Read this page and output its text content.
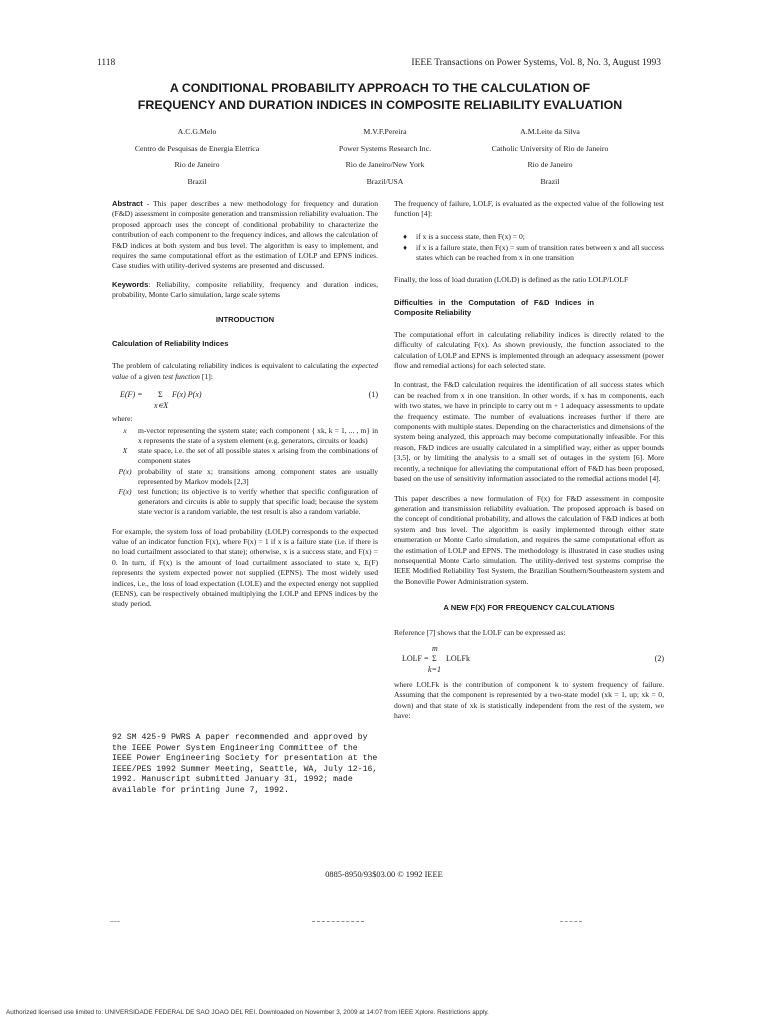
1118	IEEE Transactions on Power Systems, Vol. 8, No. 3, August 1993
A CONDITIONAL PROBABILITY APPROACH TO THE CALCULATION OF
FREQUENCY AND DURATION INDICES IN COMPOSITE RELIABILITY EVALUATION
A.C.G.Melo
Centro de Pesquisas de Energia Eletrica
Rio de Janeiro
Brazil
M.V.F.Pereira
Power Systems Research Inc.
Rio de Janeiro/New York
Brazil/USA
A.M.Leite da Silva
Catholic University of Rio de Janeiro
Rio de Janeiro
Brazil

Abstract - This paper describes a new methodology for frequency and duration (F&D) assessment in composite generation and transmission reliability evaluation. The proposed approach uses the concept of conditional probability to characterize the contribution of each component to the frequency indices, and allows the calculation of F&D indices at both system and bus level. The algorithm is easy to implement, and requires the same computational effort as the estimation of LOLP and EPNS indices. Case studies with utility-derived systems are presented and discussed.

Keywords: Reliability, composite reliability, frequency and duration indices, probability, Monte Carlo simulation, large scale sytems

INTRODUCTION
Calculation of Reliability Indices

The problem of calculating reliability indices is equivalent to calculating the expected value of a given test function [1]:

E(F) = Σ F(x) P(x)
x∊X
(1)
where:
x	m-vector representing the system state; each component { xk, k = 1, ... , m} in x represents the state of a system element (e.g. generators, circuits or loads)
X	state space, i.e. the set of all possible states x arising from the combinations of component states
P(x) probability of state x; transitions among component states are usually represented by Markov models [2,3]
F(x) test function; its objective is to verify whether that specific configuration of generators and circuits is able to supply that specific load; because the system state vector is a random variable, the test result is also a random variable.

For example, the system loss of load probability (LOLP) corresponds to the expected value of an indicator function F(x), where F(x) = 1 if x is a failure state (i.e. if there is no load curtailment associated to that state); otherwise, x is a success state, and F(x) = 0. In turn, if F(x) is the amount of load curtailment associated to state x, E(F) represents the system expected power not supplied (EPNS). The most widely used indices, i.e., the loss of load expectation (LOLE) and the expected energy not supplied (EENS), can be respectively obtained multiplying the LOLP and EPNS indices by the study period.

92 SM 425-9 PWRS A paper recommended and approved by the IEEE Power System Engineering Committee of the IEEE Power Engineering Society for presentation at the IEEE/PES 1992 Summer Meeting, Seattle, WA, July 12-16, 1992. Manuscript submitted January 31, 1992; made available for printing June 7, 1992.

The frequency of failure, LOLF, is evaluated as the expected value of the following test function [4]:

♦	if x is a success state, then F(x) = 0;
♦	if x is a failure state, then F(x) = sum of transition rates between x and all success states which can be reached from x in one transition

Finally, the loss of load duration (LOLD) is defined as the ratio LOLP/LOLF

Difficulties in the Computation of F&D Indices in Composite Reliability

The computational effort in calculating reliability indices is directly related to the difficulty of calculating F(x). As shown previously, the function associated to the calculation of LOLP and EPNS is implemented through an adequacy assessment (power flow and remedial actions) for each selected state.

In contrast, the F&D calculation requires the identification of all success states which can be reached from x in one transition. In other words, if x has m components, each with two states, we have in principle to carry out m + 1 adequacy assessments to update the frequency estimate. The number of evaluations increases further if there are components with multiple states. Depending on the characteristics and dimensions of the system being analyzed, this approach may become computationally infeasible. For this reason, F&D indices are usually calculated in a simplified way, either as upper bounds [3,5], or by limiting the analysis to a small set of outages in the system [6]. More recently, a technique for alleviating the computational effort of F&D has been proposed, based on the use of sensitivity information associated to the remedial actions model [4].

This paper describes a new formulation of F(x) for F&D assessment in composite generation and transmission reliability evaluation. The proposed approach is based on the concept of conditional probability, and allows the calculation of F&D indices at both system and bus level. The algorithm is easily implemented through either state enumeration or Monte Carlo simulation, and requires the same computational effort as the estimation of LOLP and EPNS. The methodology is illustrated in case studies using nonsequential Monte Carlo simulation. The utility-derived test systems comprise the IEEE Modified Reliability Test System, the Brazilian Southern/Southeastern system and the Boneville Power Administration system.

A NEW F(X) FOR FREQUENCY CALCULATIONS

Reference [7] shows that the LOLF can be expressed as:

m
LOLF = Σ LOLFk
k=1
(2)

where LOLFk is the contribution of component k to system frequency of failure. Assuming that the component is represented by a two-state model (xk = 1, up; xk = 0, down) and that state of xk is statistically independent from the rest of the system, we have:

0885-8950/93$03.00 © 1992 IEEE
Authorized licensed use limited to: UNIVERSIDADE FEDERAL DE SAO JOAO DEL REI. Downloaded on November 3, 2009 at 14:07 from IEEE Xplore. Restrictions apply.
